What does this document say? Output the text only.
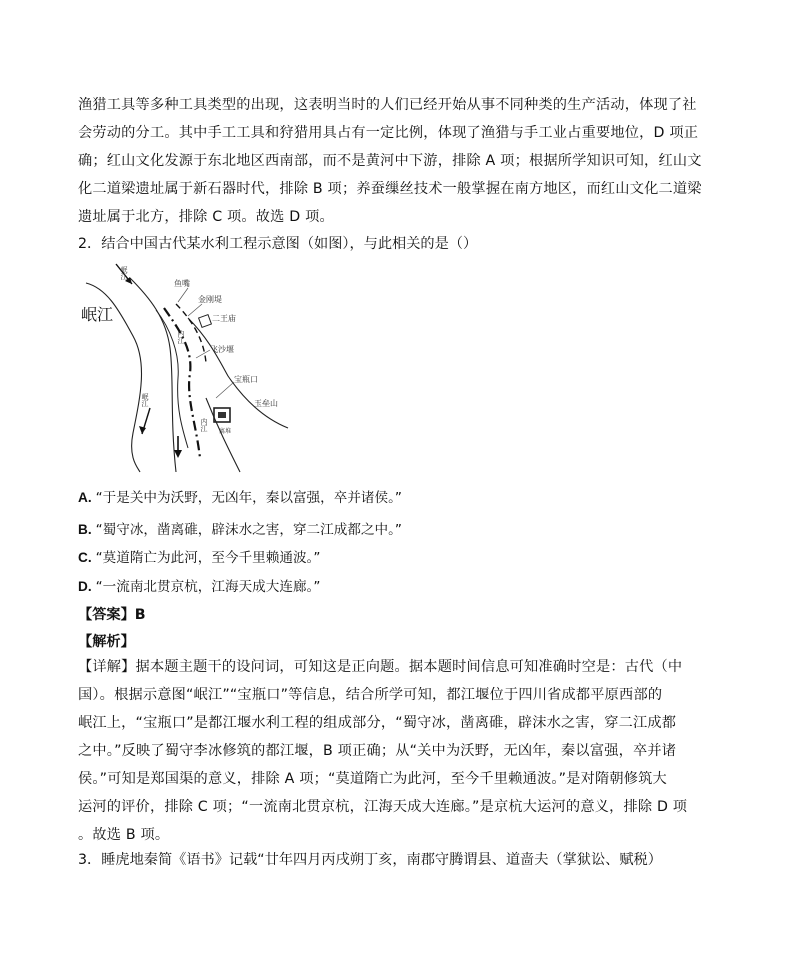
渔猎工具等多种工具类型的出现，这表明当时的人们已经开始从事不同种类的生产活动，体现了社
会劳动的分工。其中手工工具和狩猎用具占有一定比例，体现了渔猎与手工业占重要地位，D 项正
确；红山文化发源于东北地区西南部，而不是黄河中下游，排除 A 项；根据所学知识可知，红山文
化二道梁遗址属于新石器时代，排除 B 项；养蚕缫丝技术一般掌握在南方地区，而红山文化二道梁
遗址属于北方，排除 C 项。故选 D 项。
2．结合中国古代某水利工程示意图（如图），与此相关的是（）
岷江
鱼嘴
金刚堤
二王庙
飞沙堰
宝瓶口
玉垒山
岷江
内江
岷江
内江 离堆
A. “于是关中为沃野，无凶年，秦以富强，卒并诸侯。”
B. “蜀守冰，凿离碓，辟沫水之害，穿二江成都之中。”
C. “莫道隋亡为此河，至今千里赖通波。”
D. “一流南北贯京杭，江海天成大连廊。”
【答案】B
【解析】
【详解】据本题主题干的设问词，可知这是正向题。据本题时间信息可知准确时空是：古代（中
国）。根据示意图“岷江”“宝瓶口”等信息，结合所学可知，都江堰位于四川省成都平原西部的
岷江上，“宝瓶口”是都江堰水利工程的组成部分，“蜀守冰，凿离碓，辟沫水之害，穿二江成都
之中。”反映了蜀守李冰修筑的都江堰，B 项正确；从“关中为沃野，无凶年，秦以富强，卒并诸
侯。”可知是郑国渠的意义，排除 A 项；“莫道隋亡为此河，至今千里赖通波。”是对隋朝修筑大
运河的评价，排除 C 项；“一流南北贯京杭，江海天成大连廊。”是京杭大运河的意义，排除 D 项
。故选 B 项。
3．睡虎地秦简《语书》记载“廿年四月丙戌朔丁亥，南郡守腾谓县、道啬夫（掌狱讼、赋税）
